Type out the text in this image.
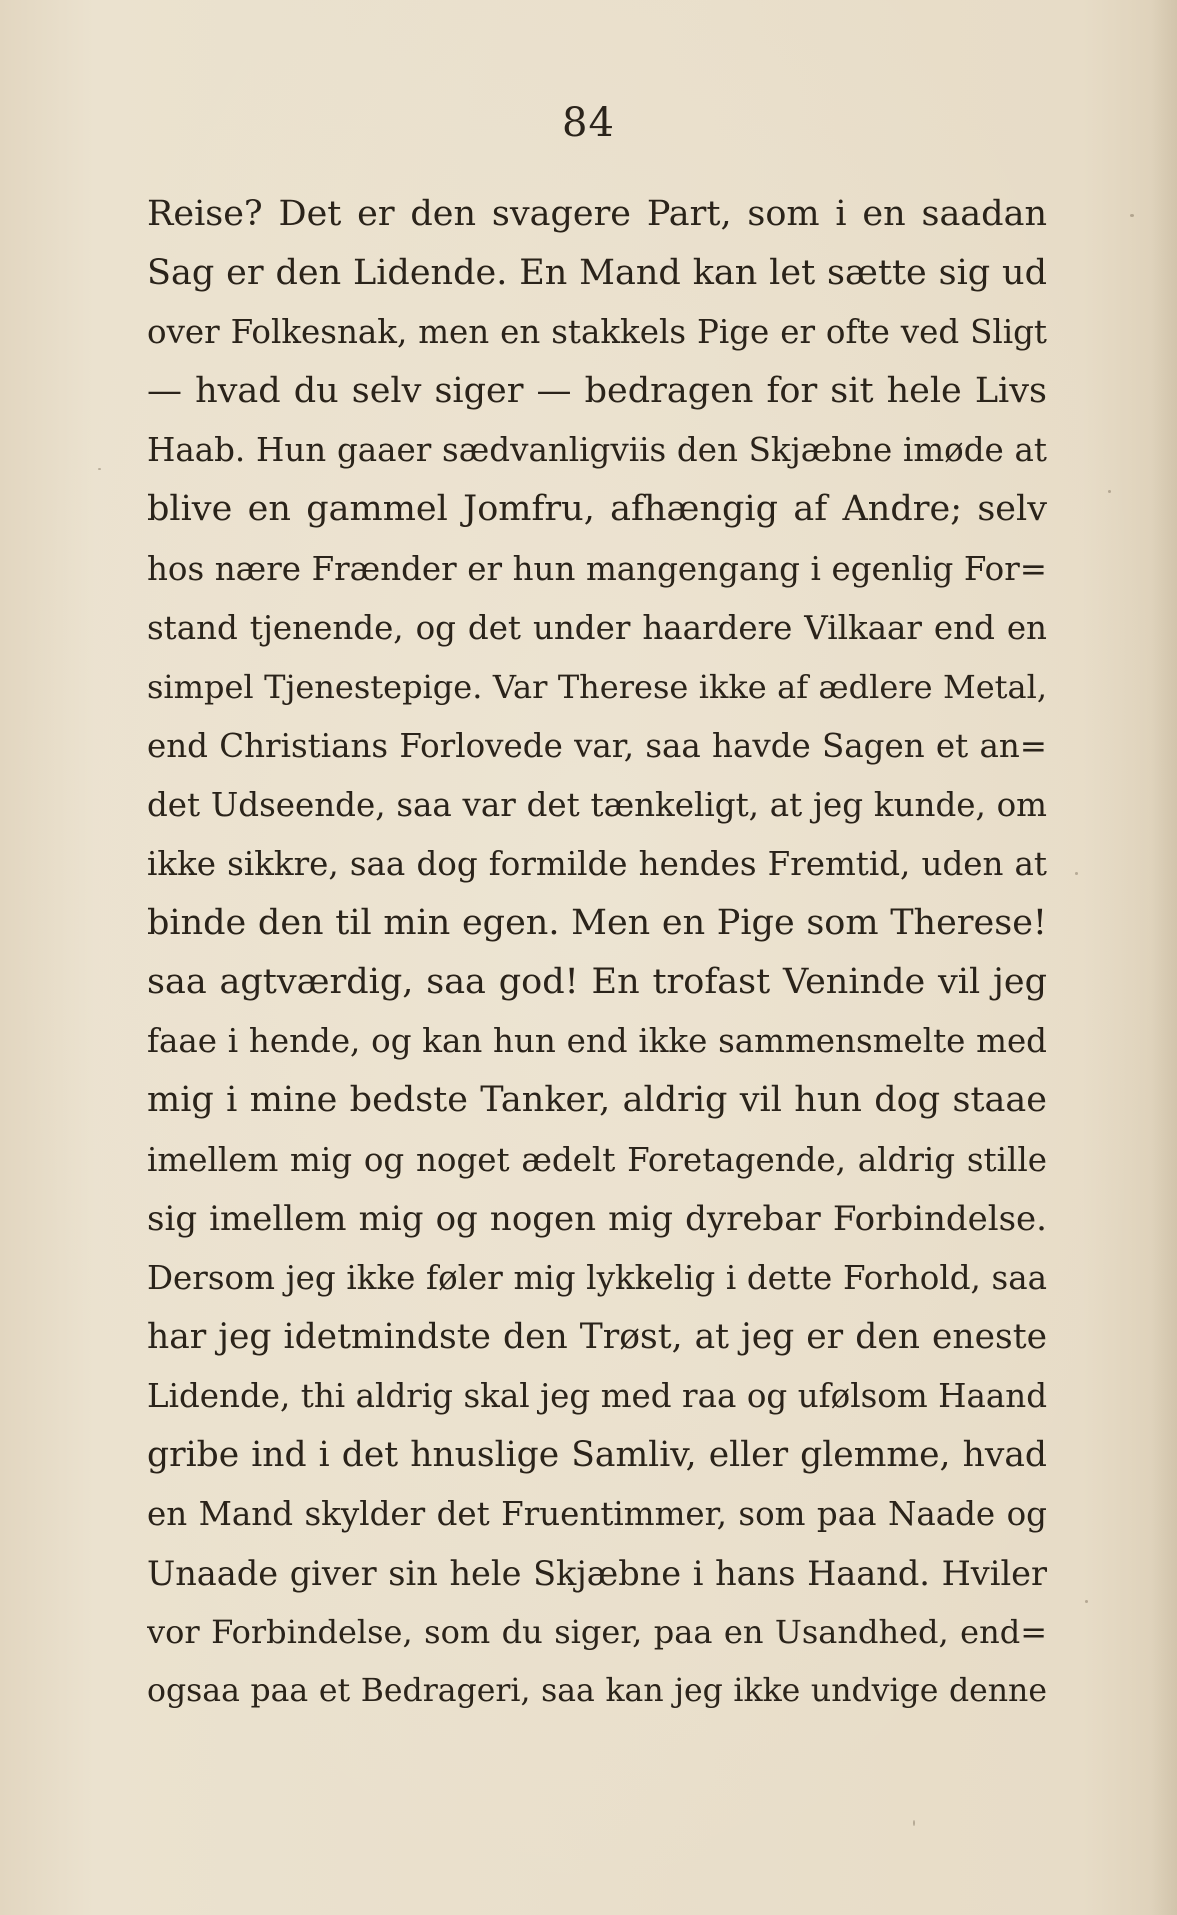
84
Reise? Det er den svagere Part, som i en saadan
Sag er den Lidende. En Mand kan let sætte sig ud
over Folkesnak, men en stakkels Pige er ofte ved Sligt
— hvad du selv siger — bedragen for sit hele Livs
Haab. Hun gaaer sædvanligviis den Skjæbne imøde at
blive en gammel Jomfru, afhængig af Andre; selv
hos nære Frænder er hun mangengang i egenlig For=
stand tjenende, og det under haardere Vilkaar end en
simpel Tjenestepige. Var Therese ikke af ædlere Metal,
end Christians Forlovede var, saa havde Sagen et an=
det Udseende, saa var det tænkeligt, at jeg kunde, om
ikke sikkre, saa dog formilde hendes Fremtid, uden at
binde den til min egen. Men en Pige som Therese!
saa agtværdig, saa god! En trofast Veninde vil jeg
faae i hende, og kan hun end ikke sammensmelte med
mig i mine bedste Tanker, aldrig vil hun dog staae
imellem mig og noget ædelt Foretagende, aldrig stille
sig imellem mig og nogen mig dyrebar Forbindelse.
Dersom jeg ikke føler mig lykkelig i dette Forhold, saa
har jeg idetmindste den Trøst, at jeg er den eneste
Lidende, thi aldrig skal jeg med raa og ufølsom Haand
gribe ind i det hnuslige Samliv, eller glemme, hvad
en Mand skylder det Fruentimmer, som paa Naade og
Unaade giver sin hele Skjæbne i hans Haand. Hviler
vor Forbindelse, som du siger, paa en Usandhed, end=
ogsaa paa et Bedrageri, saa kan jeg ikke undvige denne
